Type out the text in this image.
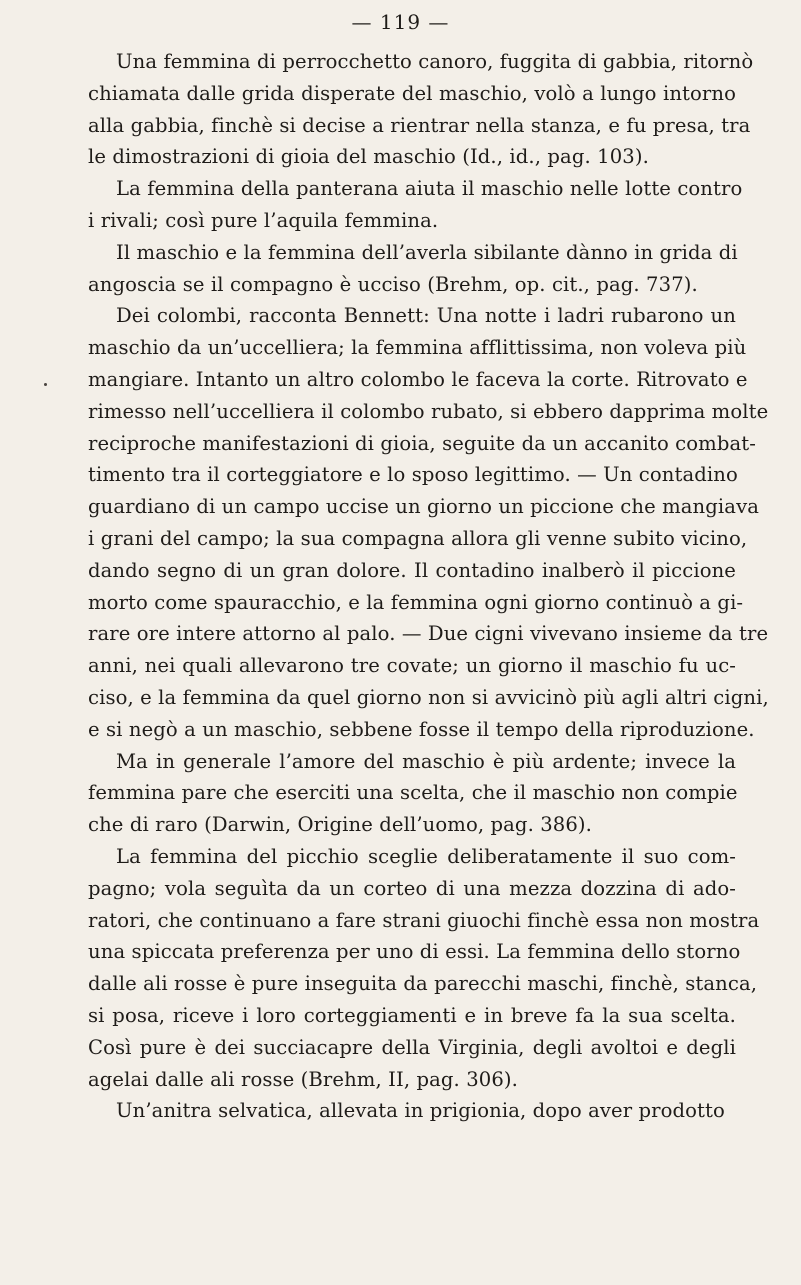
— 119 —
Una femmina di perrocchetto canoro, fuggita di gabbia, ritornò
chiamata dalle grida disperate del maschio, volò a lungo intorno
alla gabbia, finchè si decise a rientrar nella stanza, e fu presa, tra
le dimostrazioni di gioia del maschio (Id., id., pag. 103).
La femmina della panterana aiuta il maschio nelle lotte contro
i rivali; così pure l’aquila femmina.
Il maschio e la femmina dell’averla sibilante dànno in grida di
angoscia se il compagno è ucciso (Brehm, op. cit., pag. 737).
Dei colombi, racconta Bennett: Una notte i ladri rubarono un
maschio da un’uccelliera; la femmina afflittissima, non voleva più
mangiare. Intanto un altro colombo le faceva la corte. Ritrovato e
rimesso nell’uccelliera il colombo rubato, si ebbero dapprima molte
reciproche manifestazioni di gioia, seguite da un accanito combat-
timento tra il corteggiatore e lo sposo legittimo. — Un contadino
guardiano di un campo uccise un giorno un piccione che mangiava
i grani del campo; la sua compagna allora gli venne subito vicino,
dando segno di un gran dolore. Il contadino inalberò il piccione
morto come spauracchio, e la femmina ogni giorno continuò a gi-
rare ore intere attorno al palo. — Due cigni vivevano insieme da tre
anni, nei quali allevarono tre covate; un giorno il maschio fu uc-
ciso, e la femmina da quel giorno non si avvicinò più agli altri cigni,
e si negò a un maschio, sebbene fosse il tempo della riproduzione.
Ma in generale l’amore del maschio è più ardente; invece la
femmina pare che eserciti una scelta, che il maschio non compie
che di raro (Darwin, Origine dell’uomo, pag. 386).
La femmina del picchio sceglie deliberatamente il suo com-
pagno; vola seguìta da un corteo di una mezza dozzina di ado-
ratori, che continuano a fare strani giuochi finchè essa non mostra
una spiccata preferenza per uno di essi. La femmina dello storno
dalle ali rosse è pure inseguita da parecchi maschi, finchè, stanca,
si posa, riceve i loro corteggiamenti e in breve fa la sua scelta.
Così pure è dei succiacapre della Virginia, degli avoltoi e degli
agelai dalle ali rosse (Brehm, II, pag. 306).
Un’anitra selvatica, allevata in prigionia, dopo aver prodotto
